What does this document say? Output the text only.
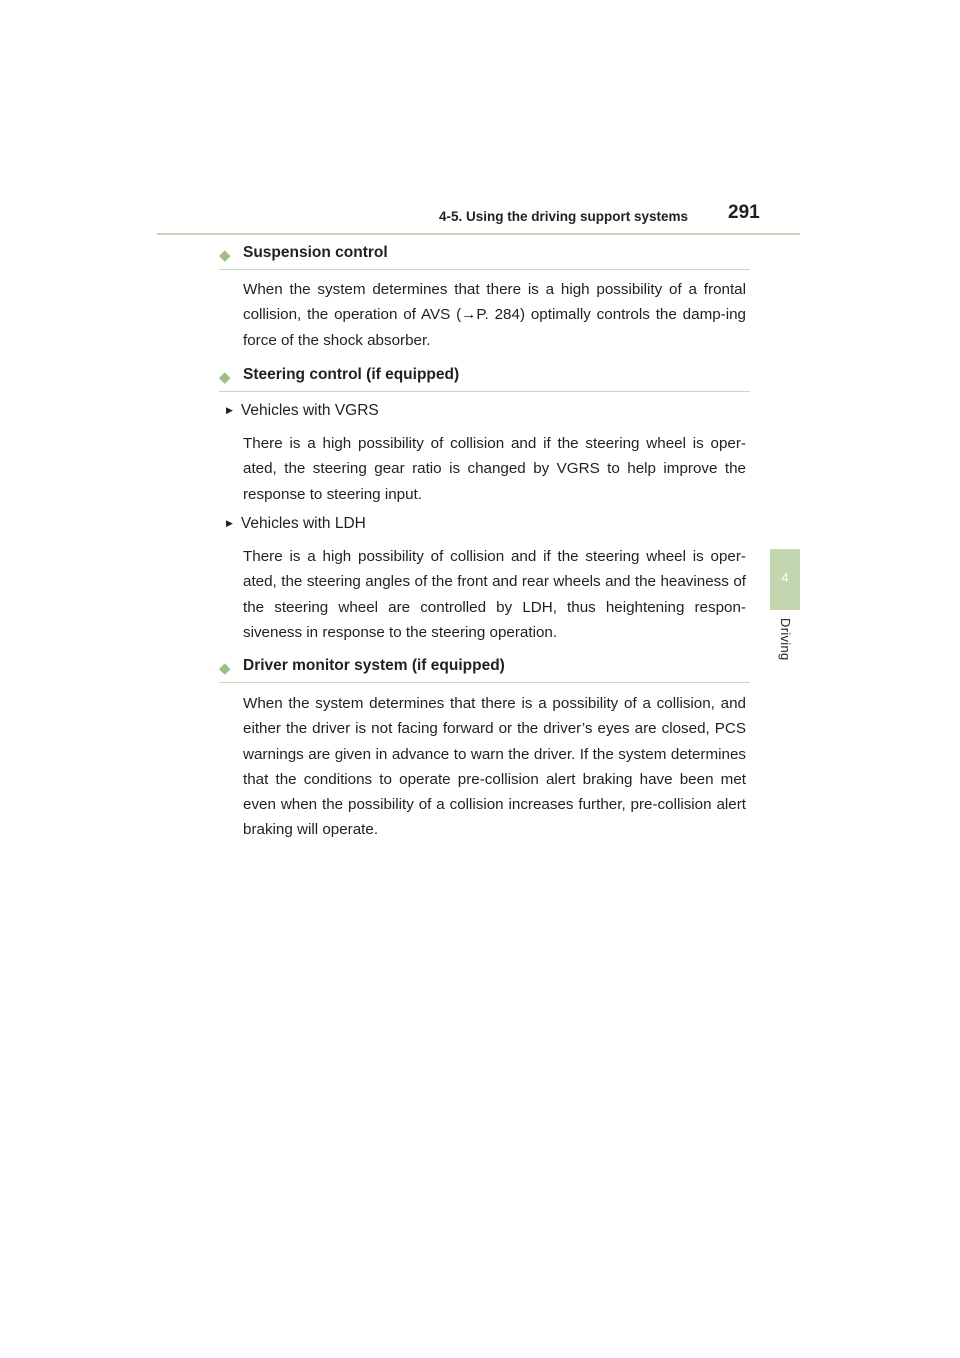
4-5. Using the driving support systems 291
4
Driving
◆ Suspension control

When the system determines that there is a high possibility of a frontal collision, the operation of AVS (→P. 284) optimally controls the damp-ing force of the shock absorber.

◆ Steering control (if equipped)
▶ Vehicles with VGRS

There is a high possibility of collision and if the steering wheel is oper-ated, the steering gear ratio is changed by VGRS to help improve the response to steering input.

▶ Vehicles with LDH

There is a high possibility of collision and if the steering wheel is oper-ated, the steering angles of the front and rear wheels and the heaviness of the steering wheel are controlled by LDH, thus heightening respon-siveness in response to the steering operation.

◆ Driver monitor system (if equipped)

When the system determines that there is a possibility of a collision, and either the driver is not facing forward or the driver’s eyes are closed, PCS warnings are given in advance to warn the driver. If the system determines that the conditions to operate pre-collision alert braking have been met even when the possibility of a collision increases further, pre-collision alert braking will operate.
